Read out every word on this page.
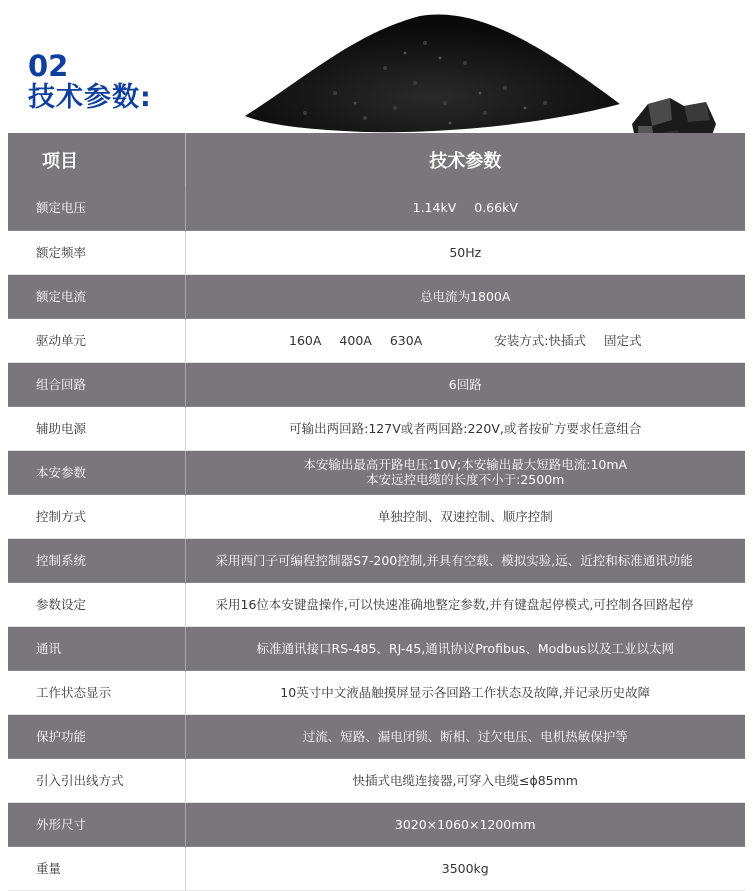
02
技术参数:
项目	技术参数
额定电压	1.14kV 0.66kV
额定频率	50Hz
额定电流	总电流为1800A
驱动单元	160A 400A 630A 安装方式:快插式 固定式
组合回路	6回路
辅助电源	可输出两回路:127V或者两回路:220V,或者按矿方要求任意组合
本安参数	本安输出最高开路电压:10V;本安输出最大短路电流:10mA
本安远控电缆的长度不小于:2500m

控制方式	单独控制、双速控制、顺序控制
控制系统	采用西门子可编程控制器S7-200控制,并具有空载、模拟实验,远、近控和标准通讯功能
参数设定	采用16位本安键盘操作,可以快速准确地整定参数,并有键盘起停模式,可控制各回路起停
通讯	标准通讯接口RS-485、RJ-45,通讯协议Profibus、Modbus以及工业以太网
工作状态显示	10英寸中文液晶触摸屏显示各回路工作状态及故障,并记录历史故障
保护功能	过流、短路、漏电闭锁、断相、过欠电压、电机热敏保护等
引入引出线方式	快插式电缆连接器,可穿入电缆≤ϕ85mm
外形尺寸	3020×1060×1200mm
重量	3500kg
